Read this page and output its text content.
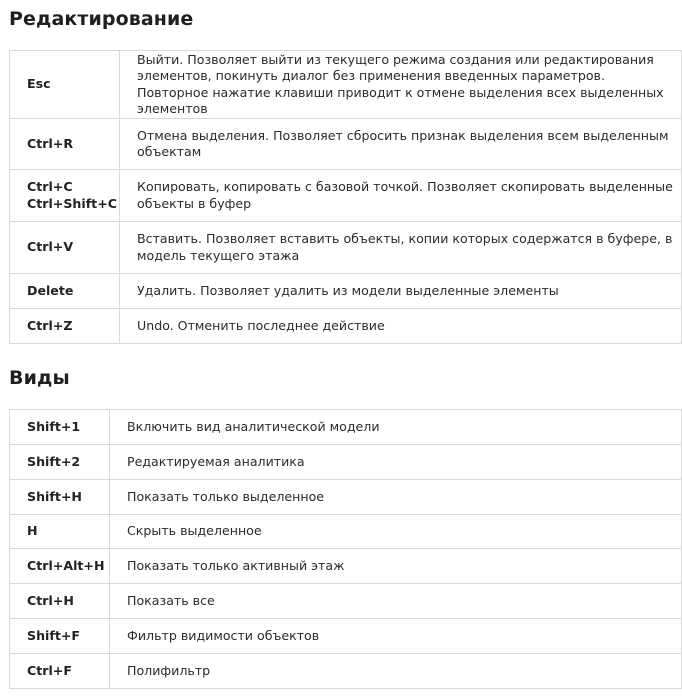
Редактирование
Esc	Выйти. Позволяет выйти из текущего режима создания или редактирования элементов, покинуть диалог без применения введенных параметров. Повторное нажатие клавиши приводит к отмене выделения всех выделенных элементов
Ctrl+R	Отмена выделения. Позволяет сбросить признак выделения всем выделенным объектам

Ctrl+C
Ctrl+Shift+C	Копировать, копировать с базовой точкой. Позволяет скопировать выделенные объекты в буфер
Ctrl+V	Вставить. Позволяет вставить объекты, копии которых содержатся в буфере, в модель текущего этажа
Delete	Удалить. Позволяет удалить из модели выделенные элементы
Ctrl+Z	Undo. Отменить последнее действие
Виды
Shift+1	Включить вид аналитической модели
Shift+2	Редактируемая аналитика
Shift+H	Показать только выделенное
H	Скрыть выделенное
Ctrl+Alt+H	Показать только активный этаж
Ctrl+H	Показать все
Shift+F	Фильтр видимости объектов
Ctrl+F	Полифильтр
